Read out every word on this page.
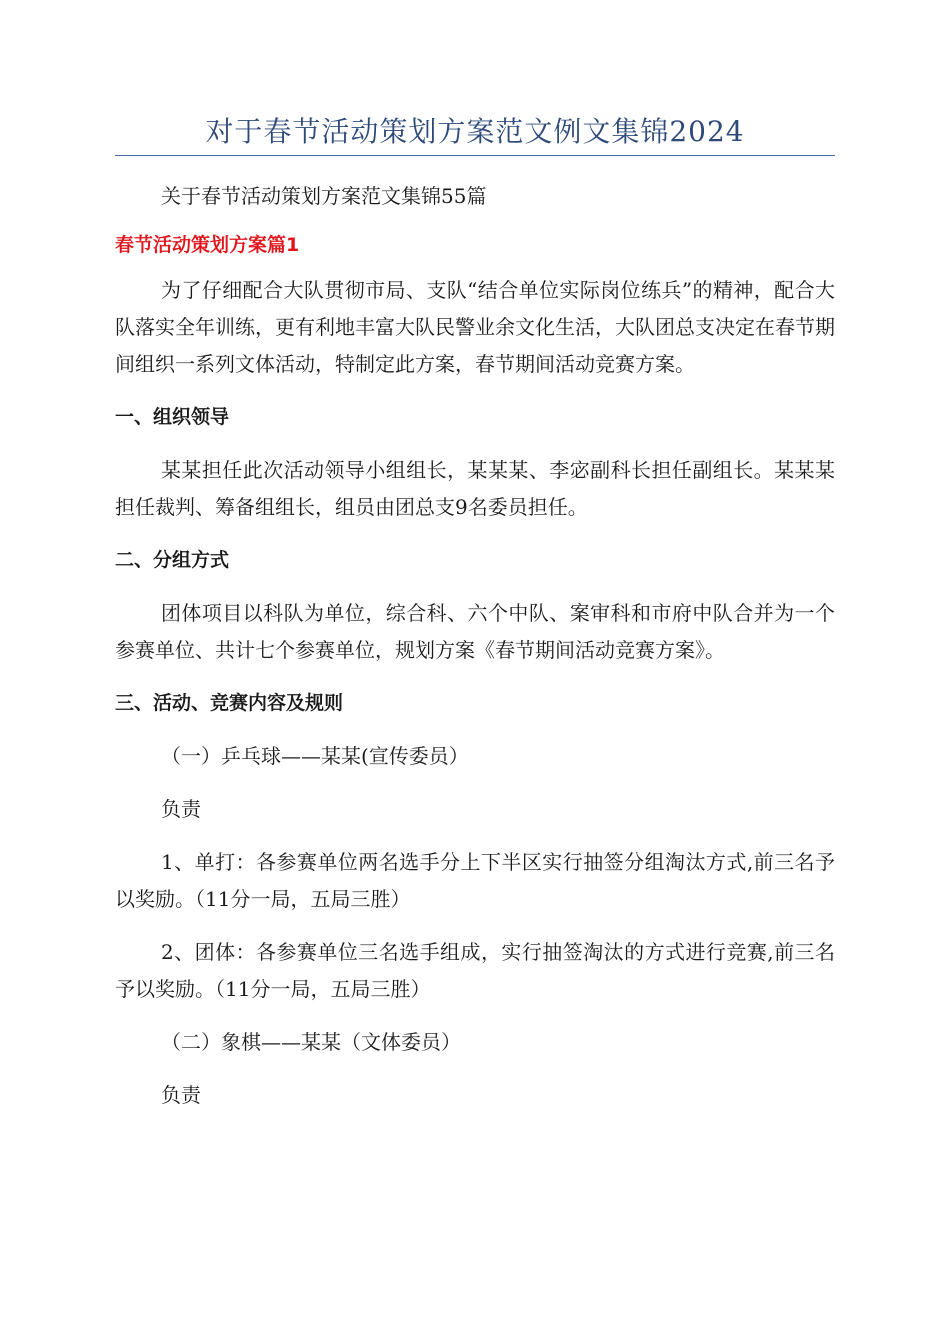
对于春节活动策划方案范文例文集锦2024

关于春节活动策划方案范文集锦55篇

春节活动策划方案篇1

为了仔细配合大队贯彻市局、支队“结合单位实际岗位练兵”的精神，配合大队落实全年训练，更有利地丰富大队民警业余文化生活，大队团总支决定在春节期间组织一系列文体活动，特制定此方案，春节期间活动竞赛方案。

一、组织领导

某某担任此次活动领导小组组长，某某某、李宓副科长担任副组长。某某某担任裁判、筹备组组长，组员由团总支9名委员担任。

二、分组方式

团体项目以科队为单位，综合科、六个中队、案审科和市府中队合并为一个参赛单位、共计七个参赛单位，规划方案《春节期间活动竞赛方案》。

三、活动、竞赛内容及规则

（一）乒乓球——某某(宣传委员）

负责

1、单打：各参赛单位两名选手分上下半区实行抽签分组淘汰方式,前三名予以奖励。（11分一局，五局三胜）

2、团体：各参赛单位三名选手组成，实行抽签淘汰的方式进行竞赛,前三名予以奖励。（11分一局，五局三胜）

（二）象棋——某某（文体委员）

负责
